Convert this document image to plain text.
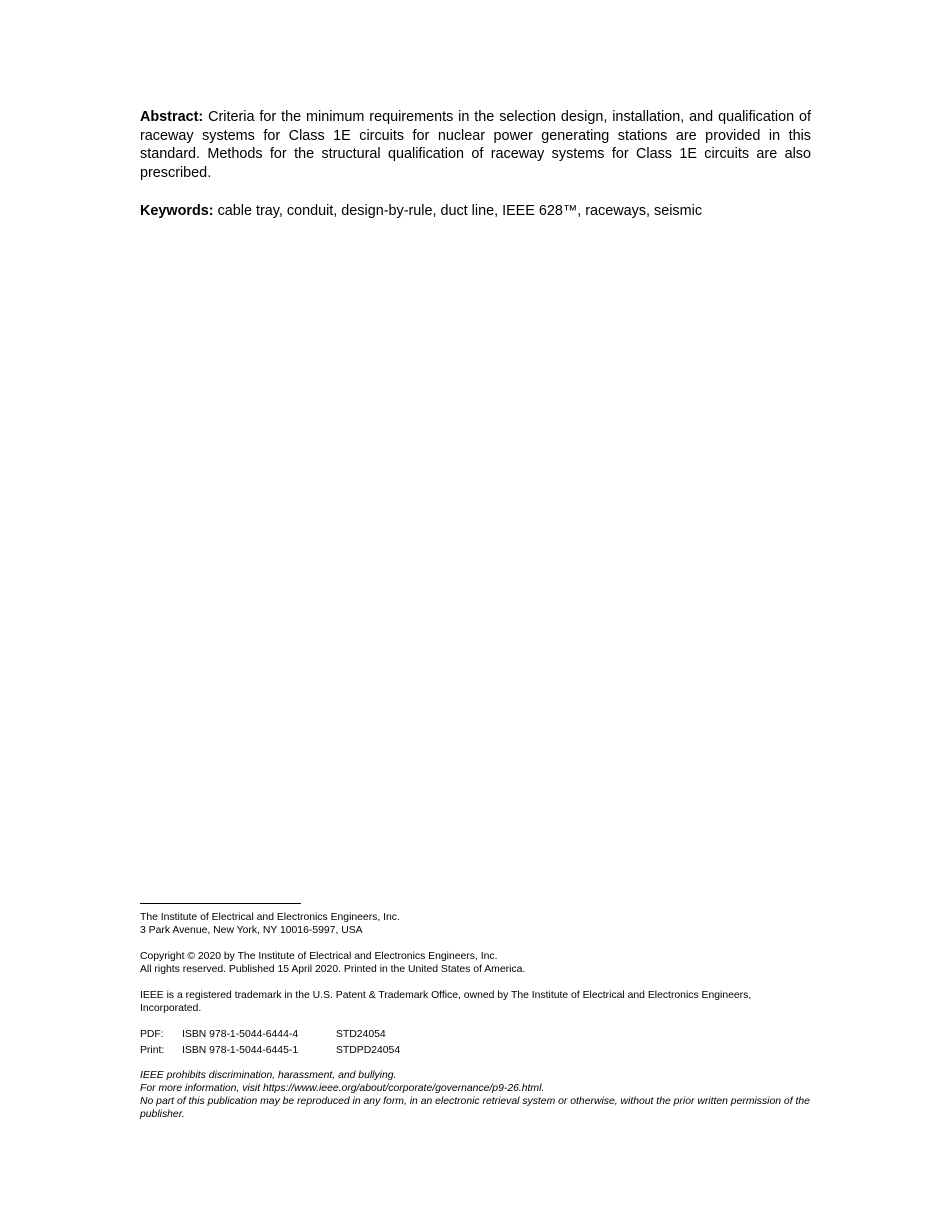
Abstract: Criteria for the minimum requirements in the selection design, installation, and qualification of raceway systems for Class 1E circuits for nuclear power generating stations are provided in this standard. Methods for the structural qualification of raceway systems for Class 1E circuits are also prescribed.

Keywords: cable tray, conduit, design-by-rule, duct line, IEEE 628™, raceways, seismic

The Institute of Electrical and Electronics Engineers, Inc.
3 Park Avenue, New York, NY 10016-5997, USA

Copyright © 2020 by The Institute of Electrical and Electronics Engineers, Inc.
All rights reserved. Published 15 April 2020. Printed in the United States of America.

IEEE is a registered trademark in the U.S. Patent & Trademark Office, owned by The Institute of Electrical and Electronics Engineers, Incorporated.

PDF:	ISBN 978-1-5044-6444-4	STD24054
Print:	ISBN 978-1-5044-6445-1	STDPD24054

IEEE prohibits discrimination, harassment, and bullying.
For more information, visit https://www.ieee.org/about/corporate/governance/p9-26.html.
No part of this publication may be reproduced in any form, in an electronic retrieval system or otherwise, without the prior written permission of the publisher.
